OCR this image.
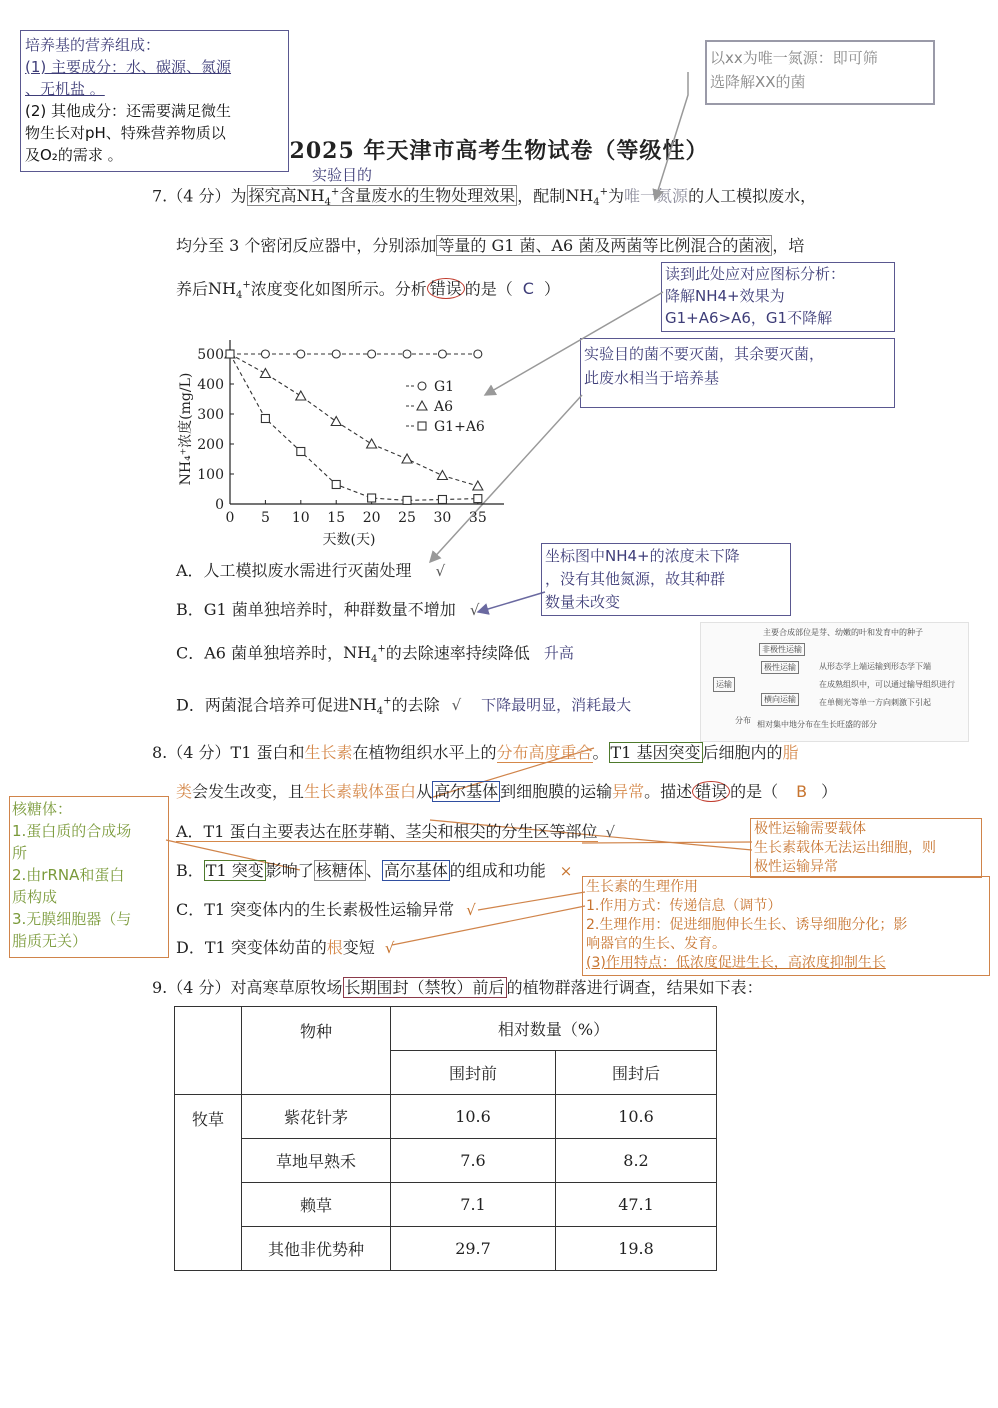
2025 年天津市高考生物试卷（等级性）
培养基的营养组成：
(1) 主要成分：水、碳源、氮源
、无机盐 。
(2) 其他成分：还需要满足微生
物生长对pH、特殊营养物质以
及O₂的需求 。
以xx为唯一氮源：即可筛
选降解XX的菌
实验目的
7.（4 分）为 探究高$NH_4^+$含量废水的生物处理效果 ，配制$NH_4^+$为唯一氮源的人工模拟废水，
均分至 3 个密闭反应器中，分别添加 等量的 G1 菌、A6 菌及两菌等比例混合的菌液 ，培
养后$NH_4^+$浓度变化如图所示。分析 错误 的是（ C ）
读到此处应对应图标分析：
降解NH4+效果为
G1+A6>A6，G1不降解
实验目的菌不要灭菌，其余要灭菌，
此废水相当于培养基
0
100
200
300
400
500
0 5 10 15 20 25 30 35
天数(天)
NH₄⁺浓度(mg/L)	G1
A6
G1+A6
A．人工模拟废水需进行灭菌处理 √
坐标图中NH4+的浓度未下降
，没有其他氮源，故其种群
数量未改变
B．G1 菌单独培养时，种群数量不增加 √
C．A6 菌单独培养时，$NH_4^+$的去除速率持续降低 升高
D．两菌混合培养可促进$NH_4^+$的去除 √ 下降最明显，消耗最大
运输
非极性运输
极性运输
横向运输
分布
主要合成部位是芽、幼嫩的叶和发育中的种子
从形态学上端运输到形态学下端
在成熟组织中，可以通过输导组织进行
在单侧光等单一方向刺激下引起
相对集中地分布在生长旺盛的部分
8.（4 分）T1 蛋白和生长素在植物组织水平上的分布高度重合。 T1 基因突变 后细胞内的脂
类会发生改变，且生长素载体蛋白从 高尔基体 到细胞膜的运输异常。描述 错误 的是（ B ）
核糖体：
1.蛋白质的合成场
所
2.由rRNA和蛋白
质构成
3.无膜细胞器（与
脂质无关）
A．T1 蛋白主要表达在胚芽鞘、茎尖和根尖的分生区等部位 √	极性运输需要载体
生长素载体无法运出细胞，则
极性运输异常
B． T1 突变 影响了 核糖体 、 高尔基体 的组成和功能 ×
生长素的生理作用
1.作用方式：传递信息（调节）
2.生理作用：促进细胞伸长生长、诱导细胞分化；影
响器官的生长、发育。
(3)作用特点：低浓度促进生长，高浓度抑制生长
C．T1 突变体内的生长素极性运输异常 √
D．T1 突变体幼苗的根变短 √
9.（4 分）对高寒草原牧场 长期围封（禁牧）前后 的植物群落进行调查，结果如下表：
	物种	相对数量（%）	
		围封前	围封后
牧草	紫花针茅	10.6	10.6
	草地早熟禾	7.6	8.2
	赖草	7.1	47.1
	其他非优势种	29.7	19.8
